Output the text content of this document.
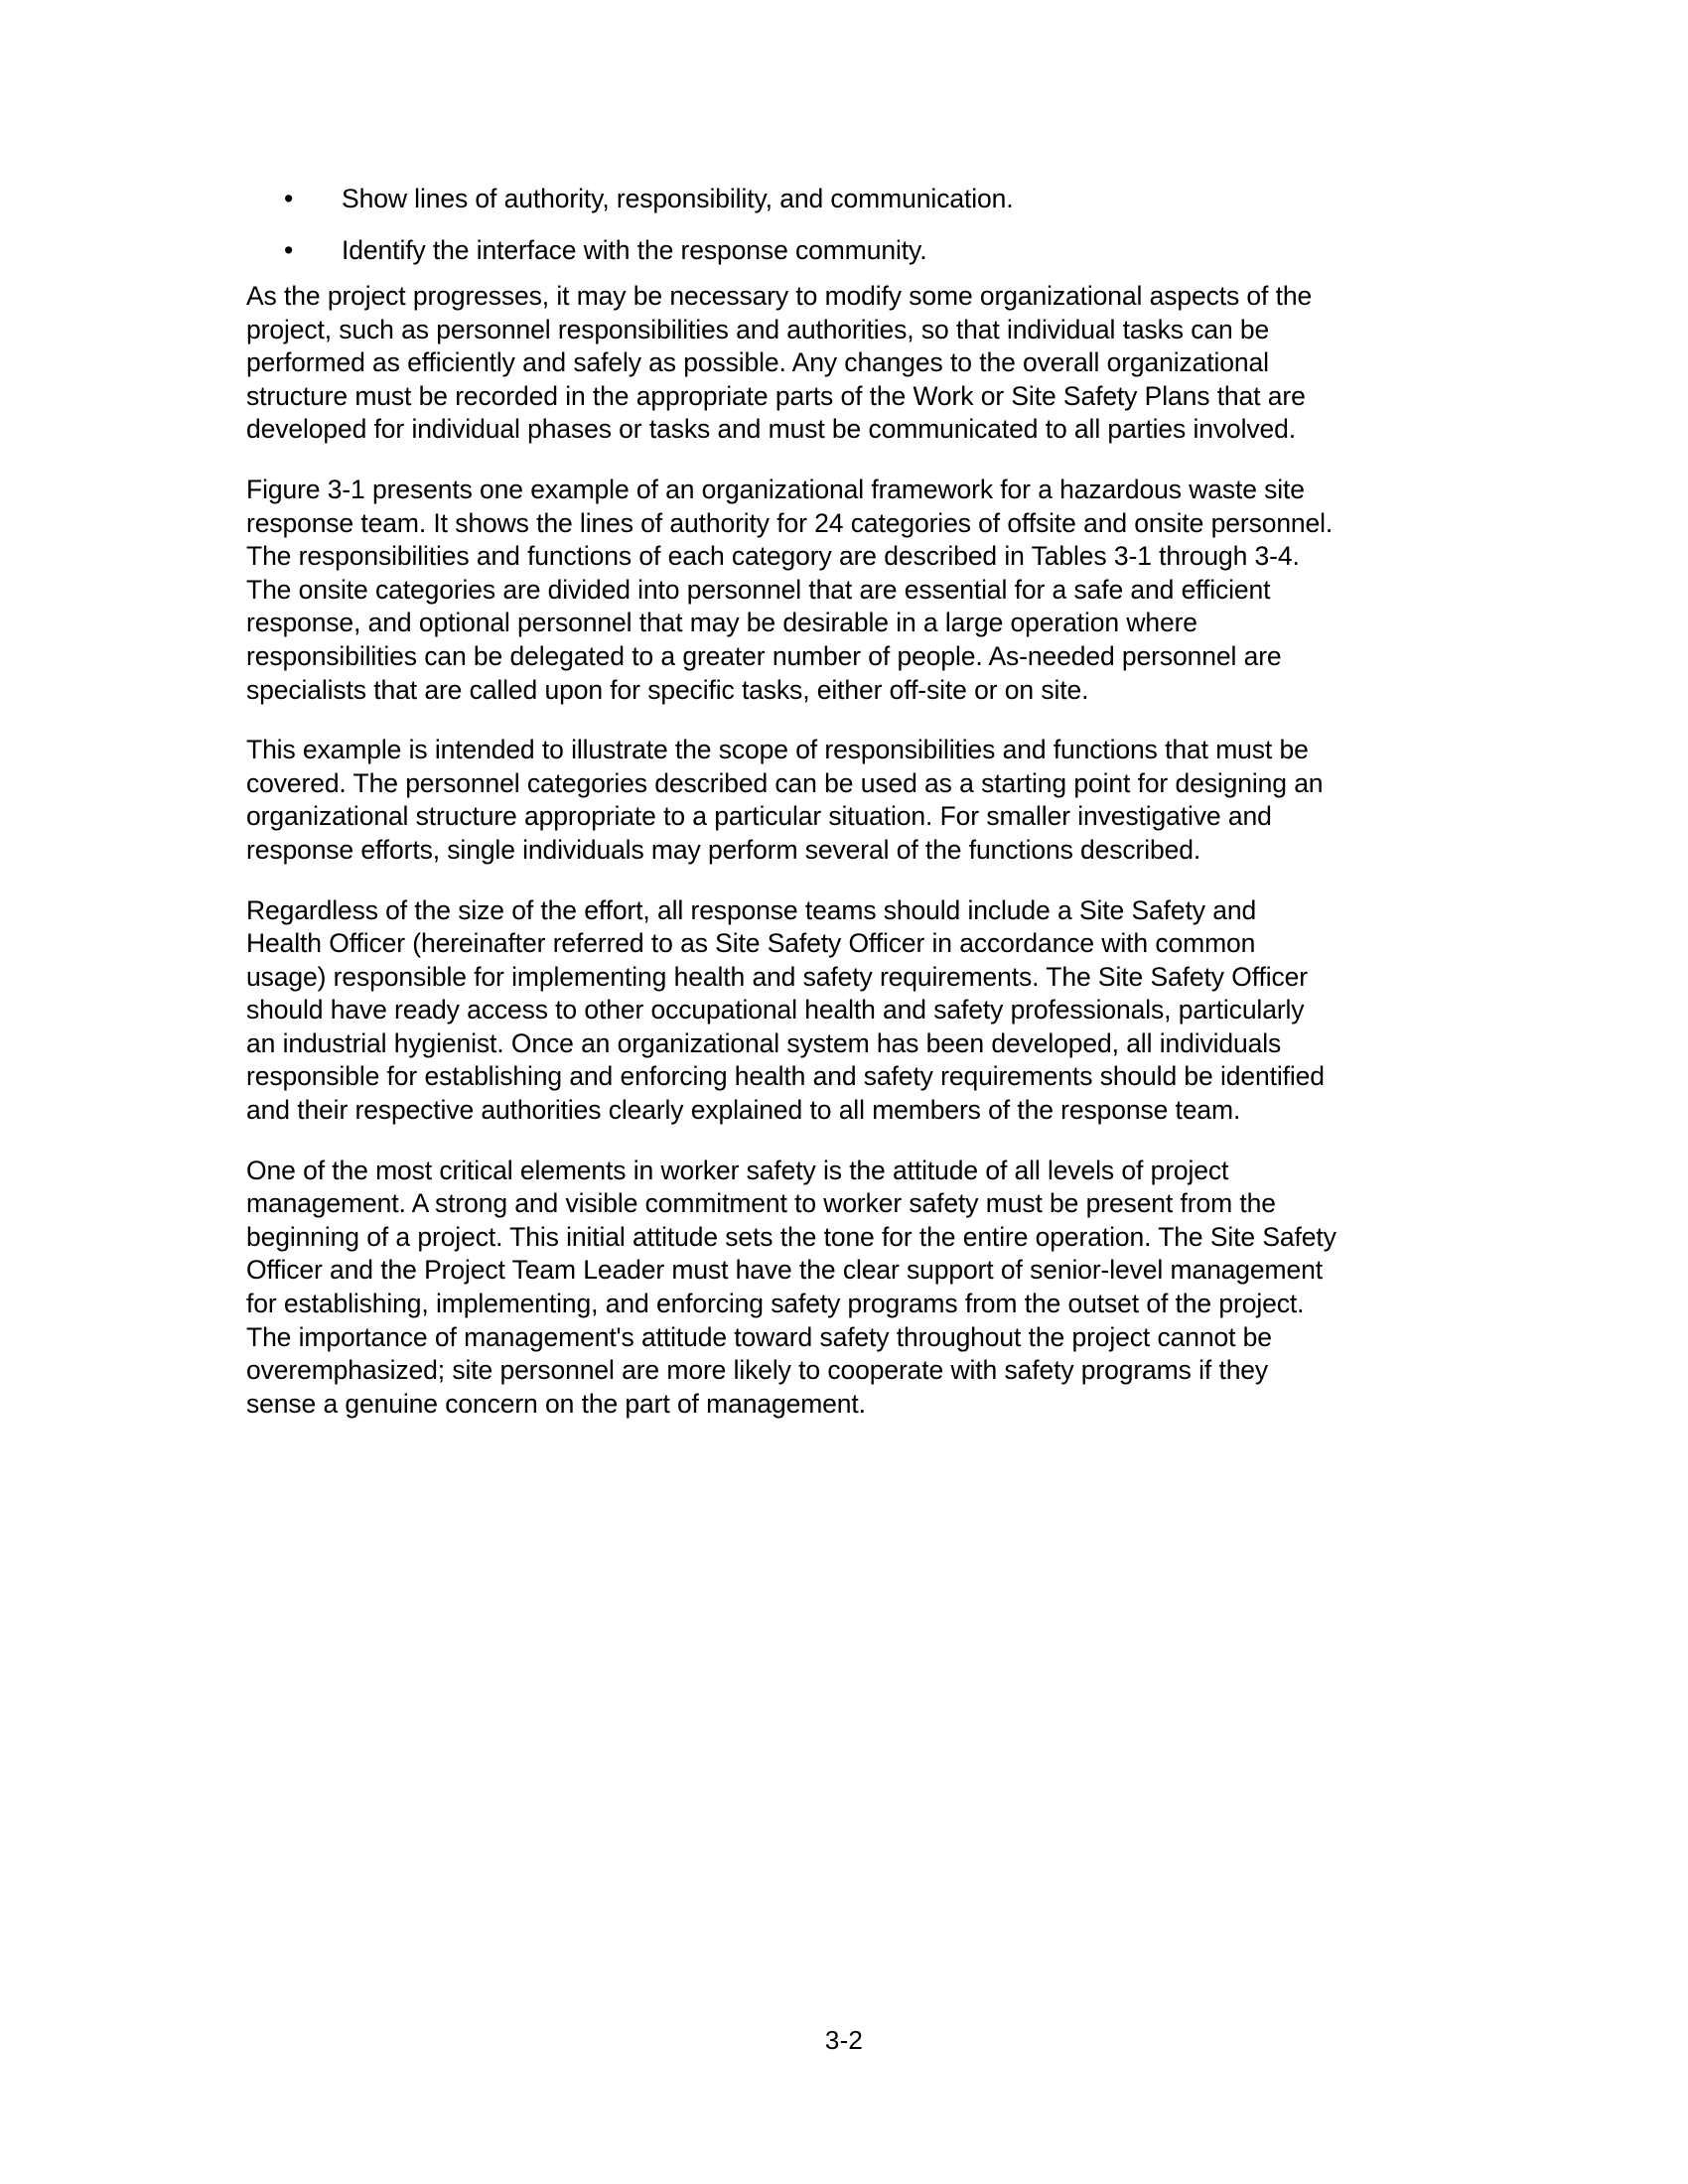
• Show lines of authority, responsibility, and communication.
• Identify the interface with the response community.

As the project progresses, it may be necessary to modify some organizational aspects of the project, such as personnel responsibilities and authorities, so that individual tasks can be performed as efficiently and safely as possible. Any changes to the overall organizational structure must be recorded in the appropriate parts of the Work or Site Safety Plans that are developed for individual phases or tasks and must be communicated to all parties involved.

Figure 3-1 presents one example of an organizational framework for a hazardous waste site response team. It shows the lines of authority for 24 categories of offsite and onsite personnel. The responsibilities and functions of each category are described in Tables 3-1 through 3-4. The onsite categories are divided into personnel that are essential for a safe and efficient response, and optional personnel that may be desirable in a large operation where responsibilities can be delegated to a greater number of people. As-needed personnel are specialists that are called upon for specific tasks, either off-site or on site.

This example is intended to illustrate the scope of responsibilities and functions that must be covered. The personnel categories described can be used as a starting point for designing an organizational structure appropriate to a particular situation. For smaller investigative and response efforts, single individuals may perform several of the functions described.

Regardless of the size of the effort, all response teams should include a Site Safety and Health Officer (hereinafter referred to as Site Safety Officer in accordance with common usage) responsible for implementing health and safety requirements. The Site Safety Officer should have ready access to other occupational health and safety professionals, particularly an industrial hygienist. Once an organizational system has been developed, all individuals responsible for establishing and enforcing health and safety requirements should be identified and their respective authorities clearly explained to all members of the response team.

One of the most critical elements in worker safety is the attitude of all levels of project management. A strong and visible commitment to worker safety must be present from the beginning of a project. This initial attitude sets the tone for the entire operation. The Site Safety Officer and the Project Team Leader must have the clear support of senior-level management for establishing, implementing, and enforcing safety programs from the outset of the project. The importance of management's attitude toward safety throughout the project cannot be overemphasized; site personnel are more likely to cooperate with safety programs if they sense a genuine concern on the part of management.

3-2
